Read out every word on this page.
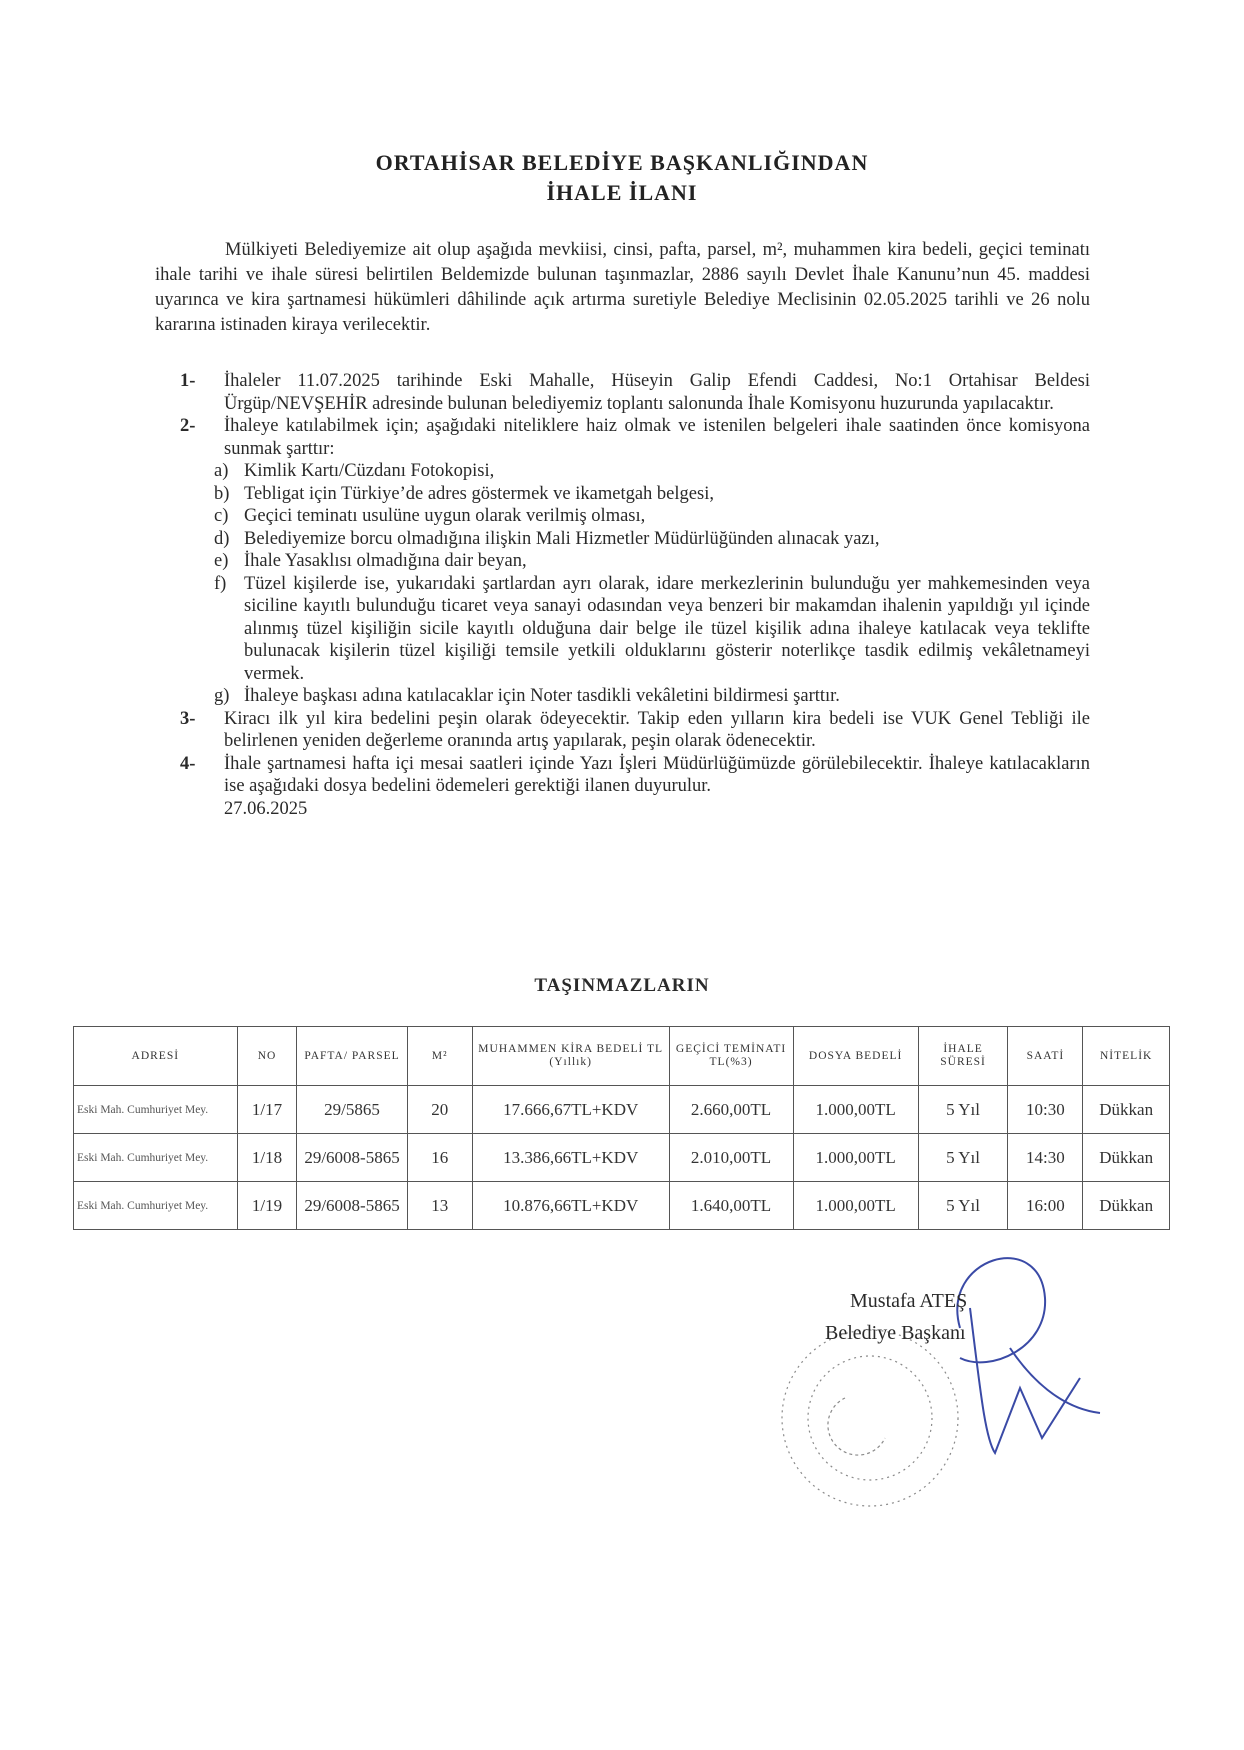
ORTAHİSAR BELEDİYE BAŞKANLIĞINDAN
İHALE İLANI

Mülkiyeti Belediyemize ait olup aşağıda mevkiisi, cinsi, pafta, parsel, m², muhammen kira bedeli, geçici teminatı ihale tarihi ve ihale süresi belirtilen Beldemizde bulunan taşınmazlar, 2886 sayılı Devlet İhale Kanunu’nun 45. maddesi uyarınca ve kira şartnamesi hükümleri dâhilinde açık artırma suretiyle Belediye Meclisinin 02.05.2025 tarihli ve 26 nolu kararına istinaden kiraya verilecektir.

1- İhaleler 11.07.2025 tarihinde Eski Mahalle, Hüseyin Galip Efendi Caddesi, No:1 Ortahisar Beldesi Ürgüp/NEVŞEHİR adresinde bulunan belediyemiz toplantı salonunda İhale Komisyonu huzurunda yapılacaktır.
2- İhaleye katılabilmek için; aşağıdaki niteliklere haiz olmak ve istenilen belgeleri ihale saatinden önce komisyona sunmak şarttır:
a) Kimlik Kartı/Cüzdanı Fotokopisi,
b) Tebligat için Türkiye’de adres göstermek ve ikametgah belgesi,
c) Geçici teminatı usulüne uygun olarak verilmiş olması,
d) Belediyemize borcu olmadığına ilişkin Mali Hizmetler Müdürlüğünden alınacak yazı,
e) İhale Yasaklısı olmadığına dair beyan,
f) Tüzel kişilerde ise, yukarıdaki şartlardan ayrı olarak, idare merkezlerinin bulunduğu yer mahkemesinden veya siciline kayıtlı bulunduğu ticaret veya sanayi odasından veya benzeri bir makamdan ihalenin yapıldığı yıl içinde alınmış tüzel kişiliğin sicile kayıtlı olduğuna dair belge ile tüzel kişilik adına ihaleye katılacak veya teklifte bulunacak kişilerin tüzel kişiliği temsile yetkili olduklarını gösterir noterlikçe tasdik edilmiş vekâletnameyi vermek.
g) İhaleye başkası adına katılacaklar için Noter tasdikli vekâletini bildirmesi şarttır.
3- Kiracı ilk yıl kira bedelini peşin olarak ödeyecektir. Takip eden yılların kira bedeli ise VUK Genel Tebliği ile belirlenen yeniden değerleme oranında artış yapılarak, peşin olarak ödenecektir.
4- İhale şartnamesi hafta içi mesai saatleri içinde Yazı İşleri Müdürlüğümüzde görülebilecektir. İhaleye katılacakların ise aşağıdaki dosya bedelini ödemeleri gerektiği ilanen duyurulur.
27.06.2025
TAŞINMAZLARIN
ADRESİ	NO	PAFTA/ PARSEL	M²	MUHAMMEN KİRA BEDELİ TL (Yıllık)	GEÇİCİ TEMİNATI TL(%3)	DOSYA BEDELİ	İHALE SÜRESİ	SAATİ	NİTELİK
Eski Mah. Cumhuriyet Mey.	1/17	29/5865	20	17.666,67TL+KDV	2.660,00TL	1.000,00TL	5 Yıl	10:30	Dükkan
Eski Mah. Cumhuriyet Mey.	1/18	29/6008-5865	16	13.386,66TL+KDV	2.010,00TL	1.000,00TL	5 Yıl	14:30	Dükkan
Eski Mah. Cumhuriyet Mey.	1/19	29/6008-5865	13	10.876,66TL+KDV	1.640,00TL	1.000,00TL	5 Yıl	16:00	Dükkan
Mustafa ATEŞ
Belediye Başkanı
